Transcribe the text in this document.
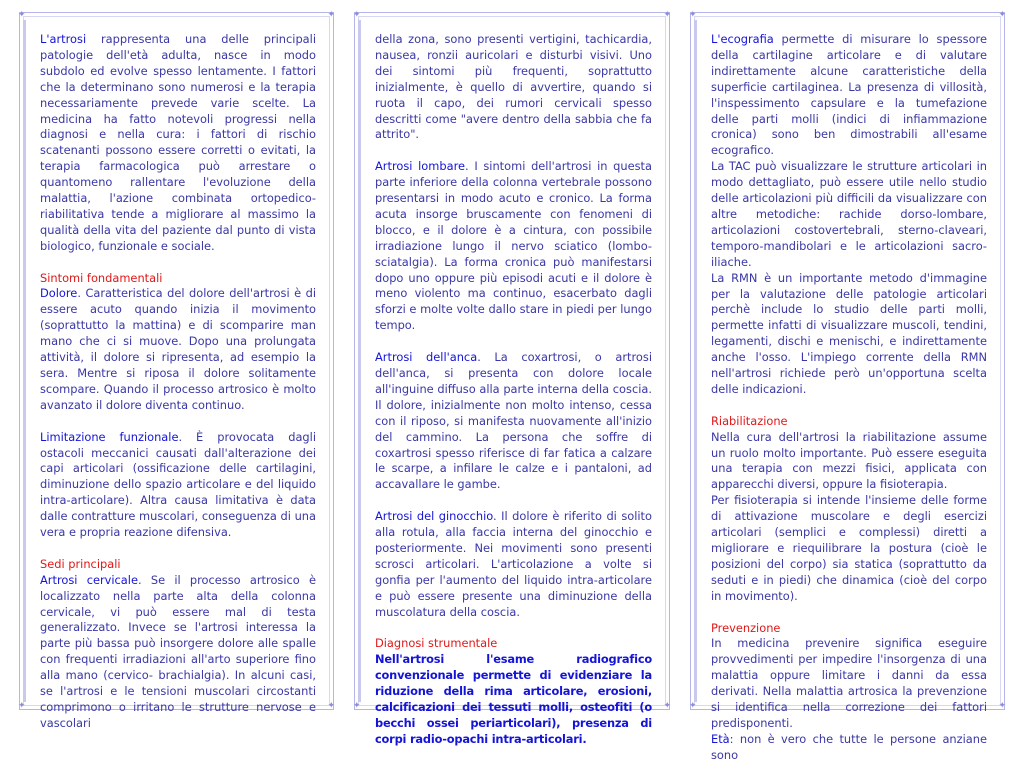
✦	✦
✦	✦

L'artrosi rappresenta una delle principali patologie dell'età adulta, nasce in modo subdolo ed evolve spesso lentamente. I fattori che la determinano sono numerosi e la terapia necessariamente prevede varie scelte. La medicina ha fatto notevoli progressi nella diagnosi e nella cura: i fattori di rischio scatenanti possono essere corretti o evitati, la terapia farmacologica può arrestare o quantomeno rallentare l'evoluzione della malattia, l'azione combinata ortopedico-riabilitativa tende a migliorare al massimo la qualità della vita del paziente dal punto di vista biologico, funzionale e sociale.

Sintomi fondamentali

Dolore. Caratteristica del dolore dell'artrosi è di essere acuto quando inizia il movimento (soprattutto la mattina) e di scomparire man mano che ci si muove. Dopo una prolungata attività, il dolore si ripresenta, ad esempio la sera. Mentre si riposa il dolore solitamente scompare. Quando il processo artrosico è molto avanzato il dolore diventa continuo.

Limitazione funzionale. È provocata dagli ostacoli meccanici causati dall'alterazione dei capi articolari (ossificazione delle cartilagini, diminuzione dello spazio articolare e del liquido intra-articolare). Altra causa limitativa è data dalle contratture muscolari, conseguenza di una vera e propria reazione difensiva.

Sedi principali

Artrosi cervicale. Se il processo artrosico è localizzato nella parte alta della colonna cervicale, vi può essere mal di testa generalizzato. Invece se l'artrosi interessa la parte più bassa può insorgere dolore alle spalle con frequenti irradiazioni all'arto superiore fino alla mano (cervico- brachialgia). In alcuni casi, se l'artrosi e le tensioni muscolari circostanti comprimono o irritano le strutture nervose e vascolari

✦	✦
✦	✦

della zona, sono presenti vertigini, tachicardia, nausea, ronzii auricolari e disturbi visivi. Uno dei sintomi più frequenti, soprattutto inizialmente, è quello di avvertire, quando si ruota il capo, dei rumori cervicali spesso descritti come "avere dentro della sabbia che fa attrito".

Artrosi lombare. I sintomi dell'artrosi in questa parte inferiore della colonna vertebrale possono presentarsi in modo acuto e cronico. La forma acuta insorge bruscamente con fenomeni di blocco, e il dolore è a cintura, con possibile irradiazione lungo il nervo sciatico (lombo-sciatalgia). La forma cronica può manifestarsi dopo uno oppure più episodi acuti e il dolore è meno violento ma continuo, esacerbato dagli sforzi e molte volte dallo stare in piedi per lungo tempo.

Artrosi dell'anca. La coxartrosi, o artrosi dell'anca, si presenta con dolore locale all'inguine diffuso alla parte interna della coscia. Il dolore, inizialmente non molto intenso, cessa con il riposo, si manifesta nuovamente all'inizio del cammino. La persona che soffre di coxartrosi spesso riferisce di far fatica a calzare le scarpe, a infilare le calze e i pantaloni, ad accavallare le gambe.

Artrosi del ginocchio. Il dolore è riferito di solito alla rotula, alla faccia interna del ginocchio e posteriormente. Nei movimenti sono presenti scrosci articolari. L'articolazione a volte si gonfia per l'aumento del liquido intra-articolare e può essere presente una diminuzione della muscolatura della coscia.

Diagnosi strumentale

Nell'artrosi l'esame radiografico convenzionale permette di evidenziare la riduzione della rima articolare, erosioni, calcificazioni dei tessuti molli, osteofiti (o becchi ossei periarticolari), presenza di corpi radio-opachi intra-articolari.

✦	✦
✦	✦

L'ecografia permette di misurare lo spessore della cartilagine articolare e di valutare indirettamente alcune caratteristiche della superficie cartilaginea. La presenza di villosità, l'inspessimento capsulare e la tumefazione delle parti molli (indici di infiammazione cronica) sono ben dimostrabili all'esame ecografico.

La TAC può visualizzare le strutture articolari in modo dettagliato, può essere utile nello studio delle articolazioni più difficili da visualizzare con altre metodiche: rachide dorso-lombare, articolazioni costovertebrali, sterno-claveari, temporo-mandibolari e le articolazioni sacro-iliache.

La RMN è un importante metodo d'immagine per la valutazione delle patologie articolari perchè include lo studio delle parti molli, permette infatti di visualizzare muscoli, tendini, legamenti, dischi e menischi, e indirettamente anche l'osso. L'impiego corrente della RMN nell'artrosi richiede però un'opportuna scelta delle indicazioni.

Riabilitazione

Nella cura dell'artrosi la riabilitazione assume un ruolo molto importante. Può essere eseguita una terapia con mezzi fisici, applicata con apparecchi diversi, oppure la fisioterapia.

Per fisioterapia si intende l'insieme delle forme di attivazione muscolare e degli esercizi articolari (semplici e complessi) diretti a migliorare e riequilibrare la postura (cioè le posizioni del corpo) sia statica (soprattutto da seduti e in piedi) che dinamica (cioè del corpo in movimento).

Prevenzione

In medicina prevenire significa eseguire provvedimenti per impedire l'insorgenza di una malattia oppure limitare i danni da essa derivati. Nella malattia artrosica la prevenzione si identifica nella correzione dei fattori predisponenti.

Età: non è vero che tutte le persone anziane sono
